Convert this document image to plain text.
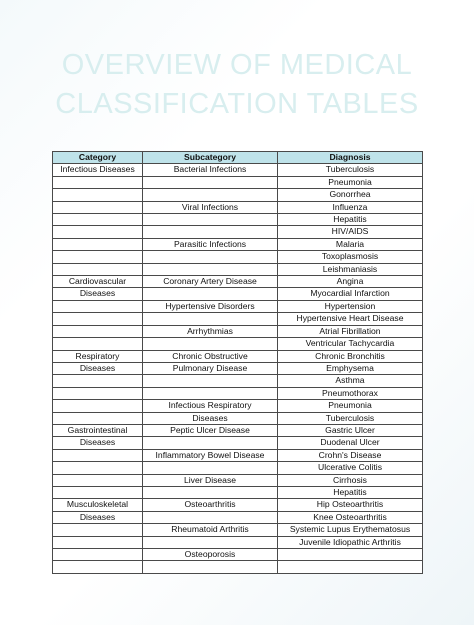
OVERVIEW OF MEDICAL
CLASSIFICATION TABLES
Category	Subcategory	Diagnosis
Infectious Diseases	Bacterial Infections	Tuberculosis
		Pneumonia
		Gonorrhea
	Viral Infections	Influenza
		Hepatitis
		HIV/AIDS
	Parasitic Infections	Malaria
		Toxoplasmosis
		Leishmaniasis
Cardiovascular	Coronary Artery Disease	Angina
Diseases		Myocardial Infarction
	Hypertensive Disorders	Hypertension
		Hypertensive Heart Disease
	Arrhythmias	Atrial Fibrillation
		Ventricular Tachycardia
Respiratory	Chronic Obstructive	Chronic Bronchitis
Diseases	Pulmonary Disease	Emphysema
		Asthma
		Pneumothorax
	Infectious Respiratory	Pneumonia
	Diseases	Tuberculosis
Gastrointestinal	Peptic Ulcer Disease	Gastric Ulcer
Diseases		Duodenal Ulcer
	Inflammatory Bowel Disease	Crohn's Disease
		Ulcerative Colitis
	Liver Disease	Cirrhosis
		Hepatitis
Musculoskeletal	Osteoarthritis	Hip Osteoarthritis
Diseases		Knee Osteoarthritis
	Rheumatoid Arthritis	Systemic Lupus Erythematosus
		Juvenile Idiopathic Arthritis
	Osteoporosis	
